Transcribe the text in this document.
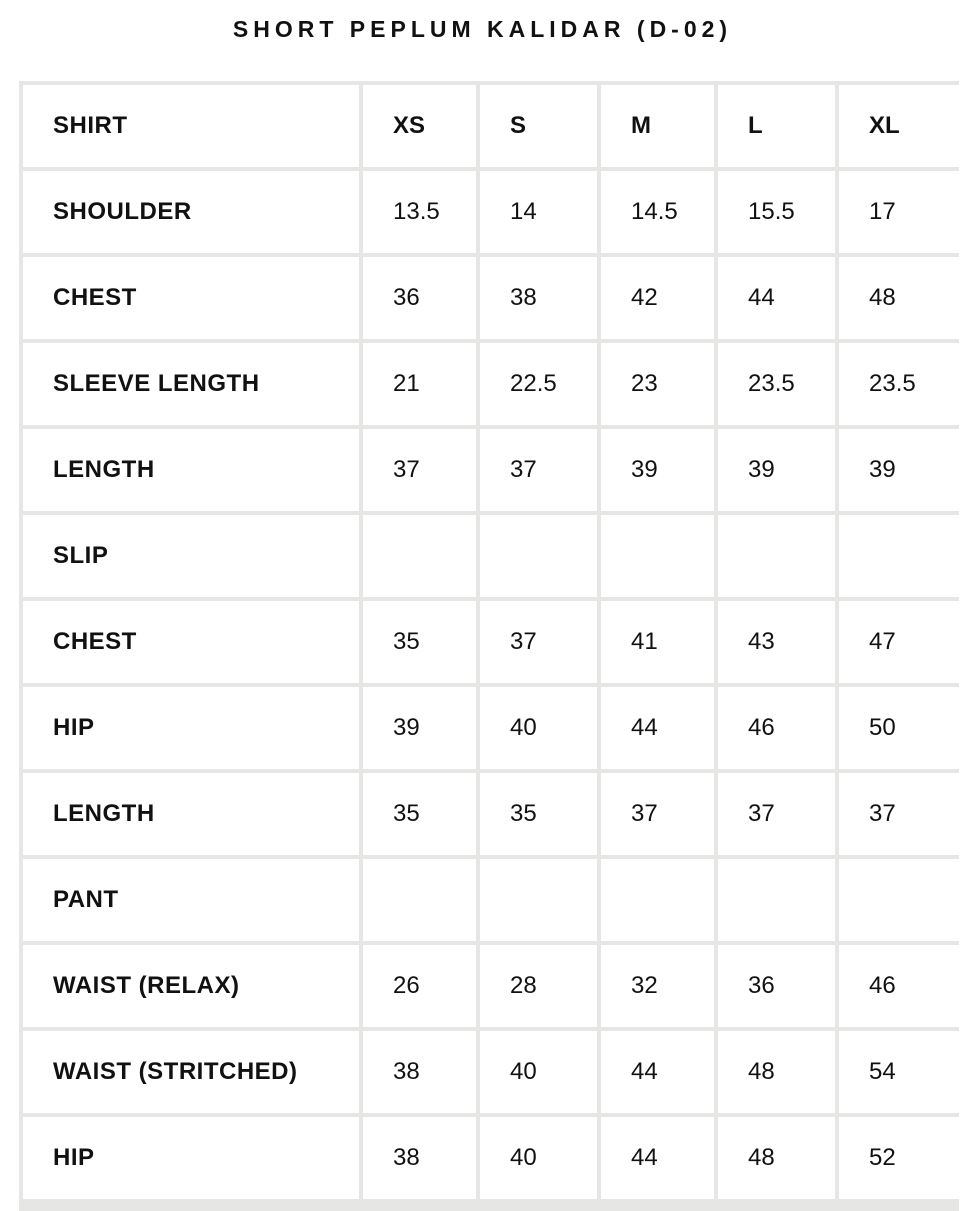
SHORT PEPLUM KALIDAR (D-02)
SHIRT	XS	S	M	L	XL
SHOULDER	13.5	14	14.5	15.5	17
CHEST	36	38	42	44	48
SLEEVE LENGTH	21	22.5	23	23.5	23.5
LENGTH	37	37	39	39	39
SLIP					
CHEST	35	37	41	43	47
HIP	39	40	44	46	50
LENGTH	35	35	37	37	37
PANT					
WAIST (RELAX)	26	28	32	36	46
WAIST (STRITCHED)	38	40	44	48	54
HIP	38	40	44	48	52
